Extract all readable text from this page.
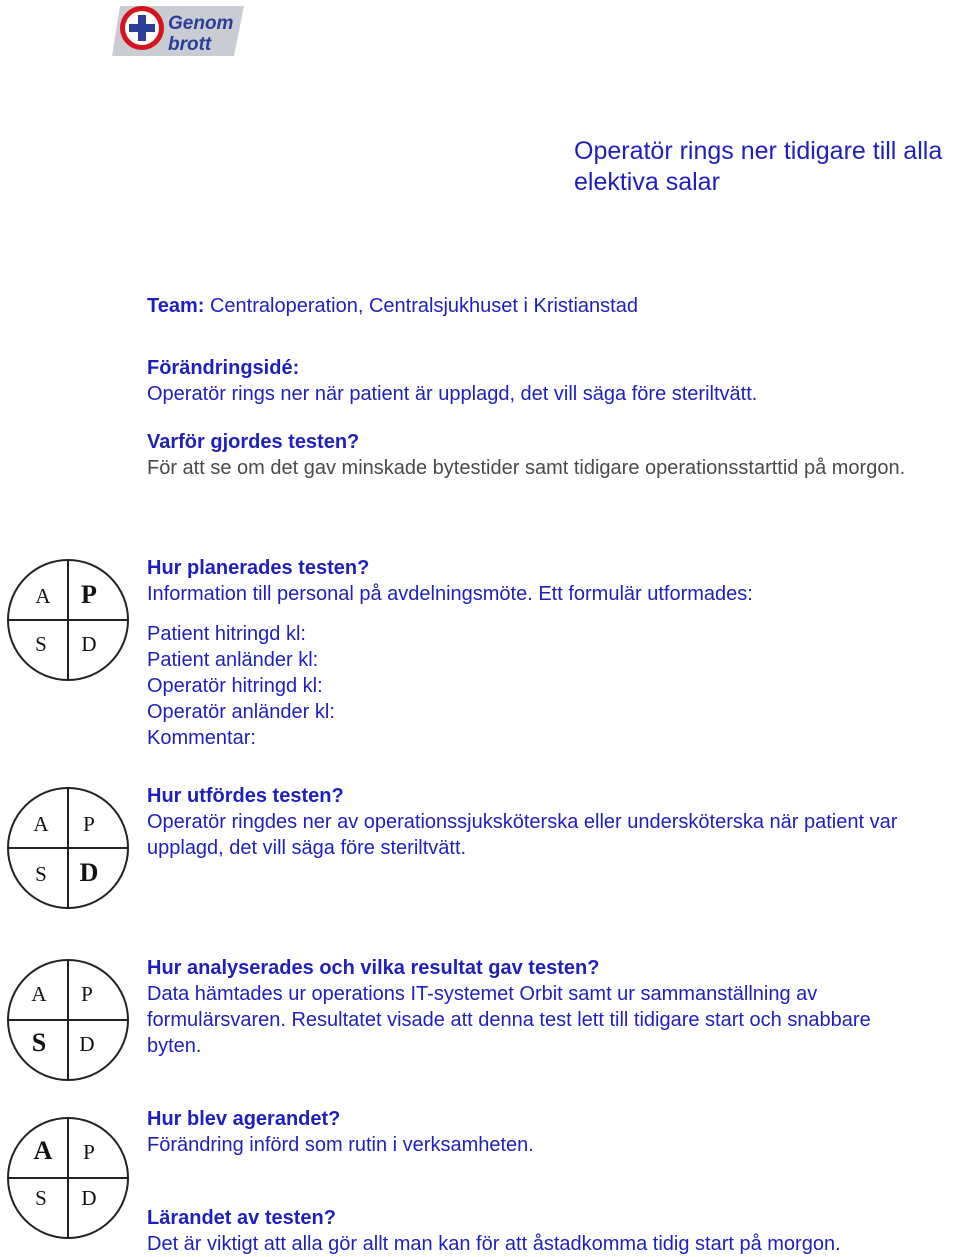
Genom
brott
Operatör rings ner tidigare till alla elektiva salar
Team: Centraloperation, Centralsjukhuset i Kristianstad
Förändringsidé:
Operatör rings ner när patient är upplagd, det vill säga före steriltvätt.
Varför gjordes testen?
För att se om det gav minskade bytestider samt tidigare operationsstarttid på morgon.
A	P
S	D
Hur planerades testen?
Information till personal på avdelningsmöte. Ett formulär utformades:
Patient hitringd kl:
Patient anländer kl:
Operatör hitringd kl:
Operatör anländer kl:
Kommentar:
A	P
S	D
Hur utfördes testen?
Operatör ringdes ner av operationssjuksköterska eller undersköterska när patient var upplagd, det vill säga före steriltvätt.
A	P
S	D
Hur analyserades och vilka resultat gav testen?
Data hämtades ur operations IT-systemet Orbit samt ur sammanställning av formulärsvaren. Resultatet visade att denna test lett till tidigare start och snabbare byten.
A	P
S	D
Hur blev agerandet?
Förändring införd som rutin i verksamheten.
Lärandet av testen?
Det är viktigt att alla gör allt man kan för att åstadkomma tidig start på morgon.
